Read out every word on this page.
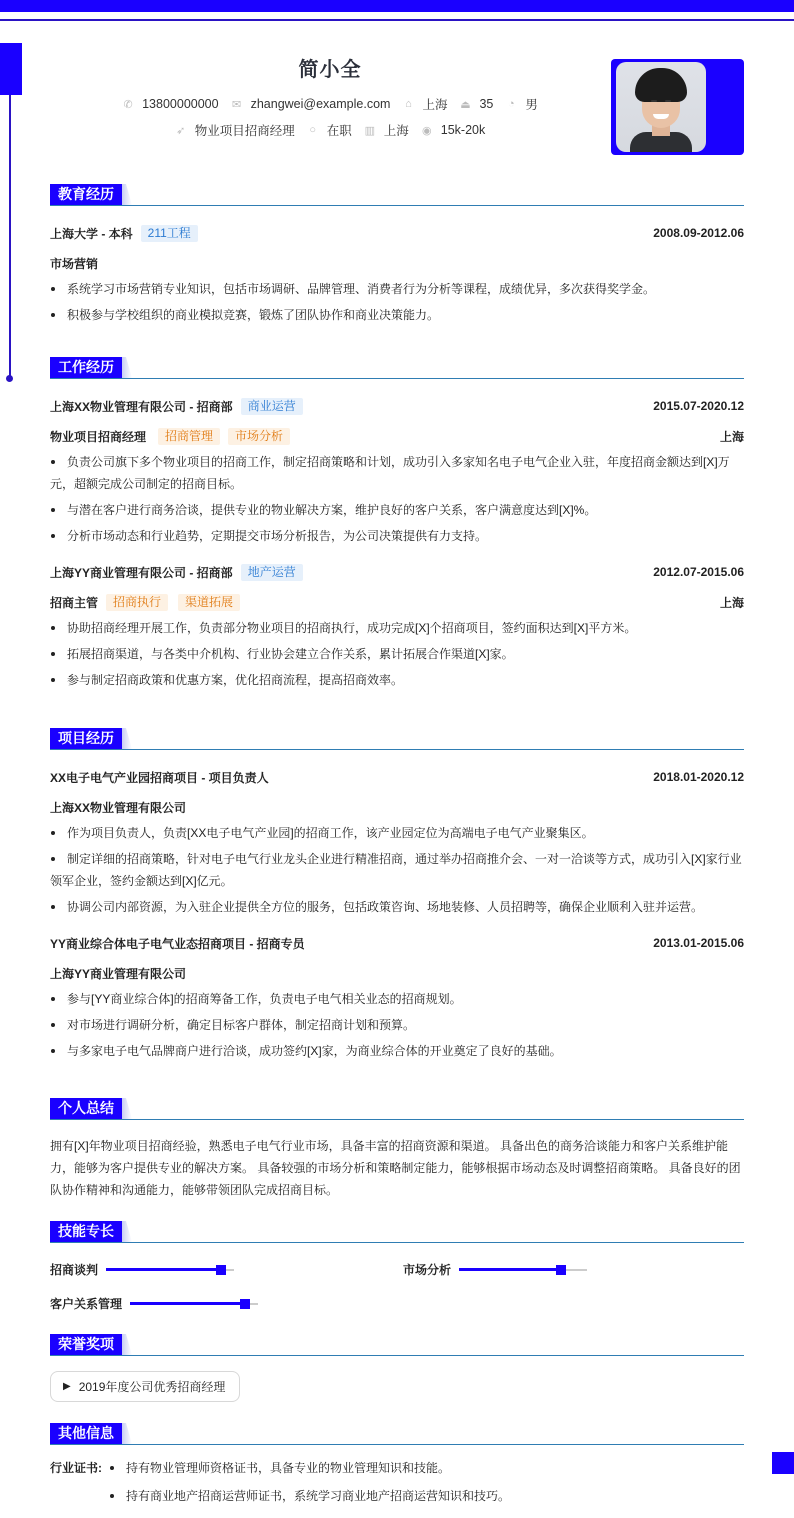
简小全
✆ 13800000000 ✉ zhangwei@example.com ⌂ 上海 ⏏ 35 ◔ 男
➶ 物业项目招商经理 ○ 在职 ▥ 上海 ◉ 15k-20k
教育经历
上海大学 - 本科	211工程	2008.09-2012.06
市场营销
系统学习市场营销专业知识，包括市场调研、品牌管理、消费者行为分析等课程，成绩优异，多次获得奖学金。
积极参与学校组织的商业模拟竞赛，锻炼了团队协作和商业决策能力。
工作经历
上海XX物业管理有限公司 - 招商部	商业运营	2015.07-2020.12
物业项目招商经理	招商管理	市场分析	上海
负责公司旗下多个物业项目的招商工作，制定招商策略和计划，成功引入多家知名电子电气企业入驻，年度招商金额达到[X]万元，超额完成公司制定的招商目标。
与潜在客户进行商务洽谈，提供专业的物业解决方案，维护良好的客户关系，客户满意度达到[X]%。
分析市场动态和行业趋势，定期提交市场分析报告，为公司决策提供有力支持。
上海YY商业管理有限公司 - 招商部	地产运营	2012.07-2015.06
招商主管	招商执行	渠道拓展	上海
协助招商经理开展工作，负责部分物业项目的招商执行，成功完成[X]个招商项目，签约面积达到[X]平方米。
拓展招商渠道，与各类中介机构、行业协会建立合作关系，累计拓展合作渠道[X]家。
参与制定招商政策和优惠方案，优化招商流程，提高招商效率。
项目经历
XX电子电气产业园招商项目 - 项目负责人	2018.01-2020.12
上海XX物业管理有限公司
作为项目负责人，负责[XX电子电气产业园]的招商工作，该产业园定位为高端电子电气产业聚集区。
制定详细的招商策略，针对电子电气行业龙头企业进行精准招商，通过举办招商推介会、一对一洽谈等方式，成功引入[X]家行业领军企业，签约金额达到[X]亿元。
协调公司内部资源，为入驻企业提供全方位的服务，包括政策咨询、场地装修、人员招聘等，确保企业顺利入驻并运营。
YY商业综合体电子电气业态招商项目 - 招商专员	2013.01-2015.06
上海YY商业管理有限公司
参与[YY商业综合体]的招商筹备工作，负责电子电气相关业态的招商规划。
对市场进行调研分析，确定目标客户群体，制定招商计划和预算。
与多家电子电气品牌商户进行洽谈，成功签约[X]家，为商业综合体的开业奠定了良好的基础。
个人总结

拥有[X]年物业项目招商经验，熟悉电子电气行业市场，具备丰富的招商资源和渠道。 具备出色的商务洽谈能力和客户关系维护能力，能够为客户提供专业的解决方案。 具备较强的市场分析和策略制定能力，能够根据市场动态及时调整招商策略。 具备良好的团队协作精神和沟通能力，能够带领团队完成招商目标。

技能专长
招商谈判	市场分析
客户关系管理
荣誉奖项
▶ 2019年度公司优秀招商经理
其他信息
行业证书:	持有物业管理师资格证书，具备专业的物业管理知识和技能。
持有商业地产招商运营师证书，系统学习商业地产招商运营知识和技巧。
